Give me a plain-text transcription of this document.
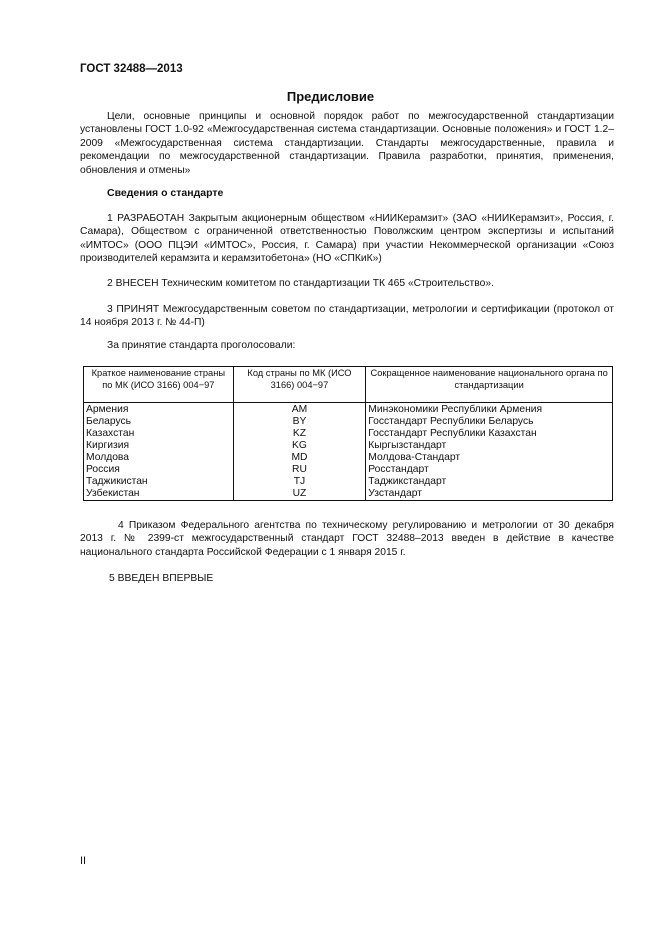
ГОСТ 32488—2013
Предисловие
Цели, основные принципы и основной порядок работ по межгосударственной стандартизации установлены ГОСТ 1.0-92 «Межгосударственная система стандартизации. Основные положения» и ГОСТ 1.2–2009 «Межгосударственная система стандартизации. Стандарты межгосударственные, правила и рекомендации по межгосударственной стандартизации. Правила разработки, принятия, применения, обновления и отмены»
Сведения о стандарте
1 РАЗРАБОТАН Закрытым акционерным обществом «НИИКерамзит» (ЗАО «НИИКерамзит», Россия, г. Самара), Обществом с ограниченной ответственностью Поволжским центром экспертизы и испытаний «ИМТОС» (ООО ПЦЭИ «ИМТОС», Россия, г. Самара) при участии Некоммерческой организации «Союз производителей керамзита и керамзитобетона» (НО «СПКиК»)
2 ВНЕСЕН Техническим комитетом по стандартизации ТК 465 «Строительство».
3 ПРИНЯТ Межгосударственным советом по стандартизации, метрологии и сертификации (протокол от 14 ноября 2013 г. № 44-П)
За принятие стандарта проголосовали:
Краткое наименование страны по МК (ИСО 3166) 004−97	Код страны по МК (ИСО 3166) 004−97	Сокращенное наименование национального органа по стандартизации
Армения	AM	Минэкономики Республики Армения
Беларусь	BY	Госстандарт Республики Беларусь
Казахстан	KZ	Госстандарт Республики Казахстан
Киргизия	KG	Кыргызстандарт
Молдова	MD	Молдова-Стандарт
Россия	RU	Росстандарт
Таджикистан	TJ	Таджикстандарт
Узбекистан	UZ	Узстандарт
4 Приказом Федерального агентства по техническому регулированию и метрологии от 30 декабря 2013 г. № 2399-ст межгосударственный стандарт ГОСТ 32488–2013 введен в действие в качестве национального стандарта Российской Федерации с 1 января 2015 г.
5 ВВЕДЕН ВПЕРВЫЕ
II
